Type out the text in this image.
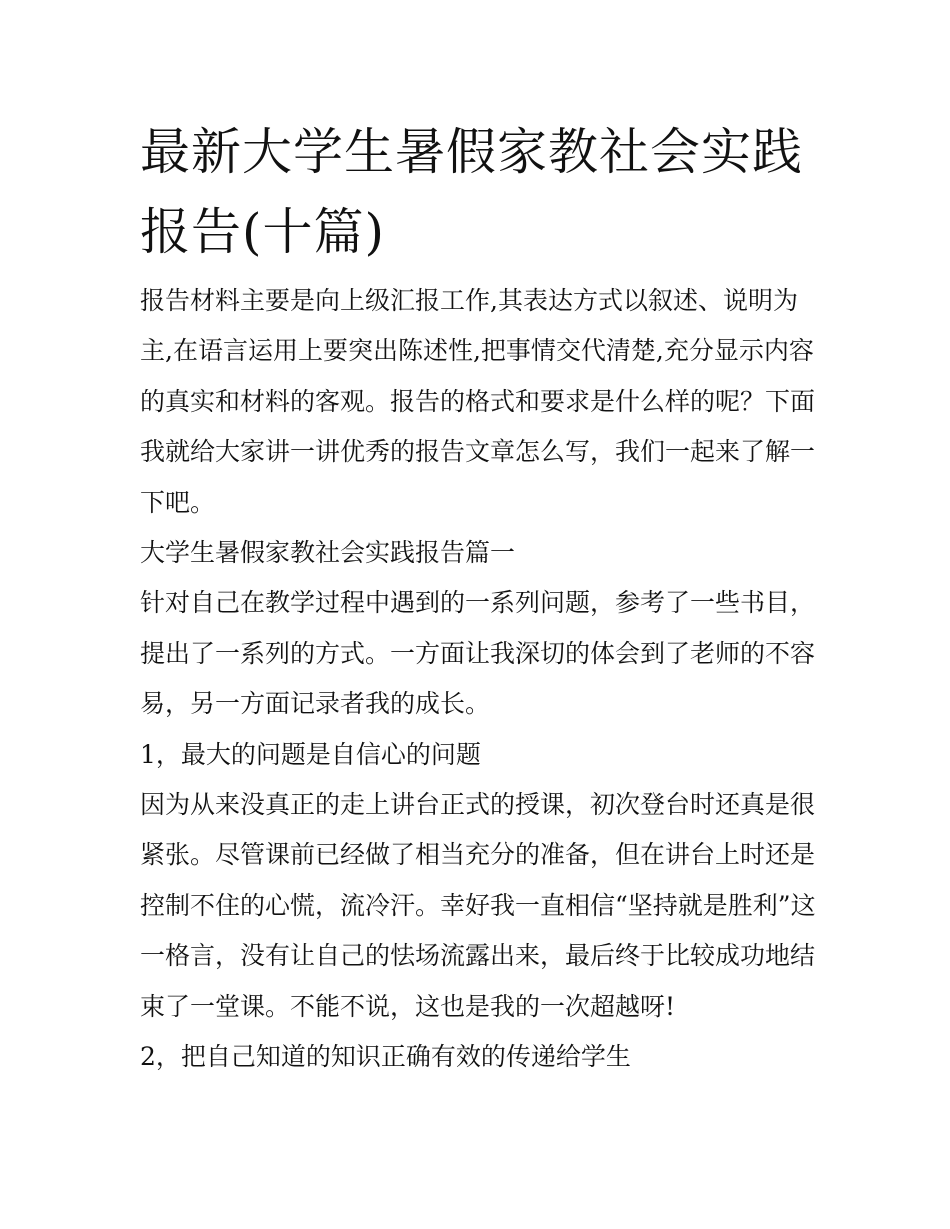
最新大学生暑假家教社会实践
报告(十篇)
报告材料主要是向上级汇报工作,其表达方式以叙述、说明为
主,在语言运用上要突出陈述性,把事情交代清楚,充分显示内容
的真实和材料的客观。报告的格式和要求是什么样的呢？下面
我就给大家讲一讲优秀的报告文章怎么写，我们一起来了解一
下吧。
大学生暑假家教社会实践报告篇一
针对自己在教学过程中遇到的一系列问题，参考了一些书目，
提出了一系列的方式。一方面让我深切的体会到了老师的不容
易，另一方面记录者我的成长。
1，最大的问题是自信心的问题
因为从来没真正的走上讲台正式的授课，初次登台时还真是很
紧张。尽管课前已经做了相当充分的准备，但在讲台上时还是
控制不住的心慌，流冷汗。幸好我一直相信“坚持就是胜利”这
一格言，没有让自己的怯场流露出来，最后终于比较成功地结
束了一堂课。不能不说，这也是我的一次超越呀!
2，把自己知道的知识正确有效的传递给学生
